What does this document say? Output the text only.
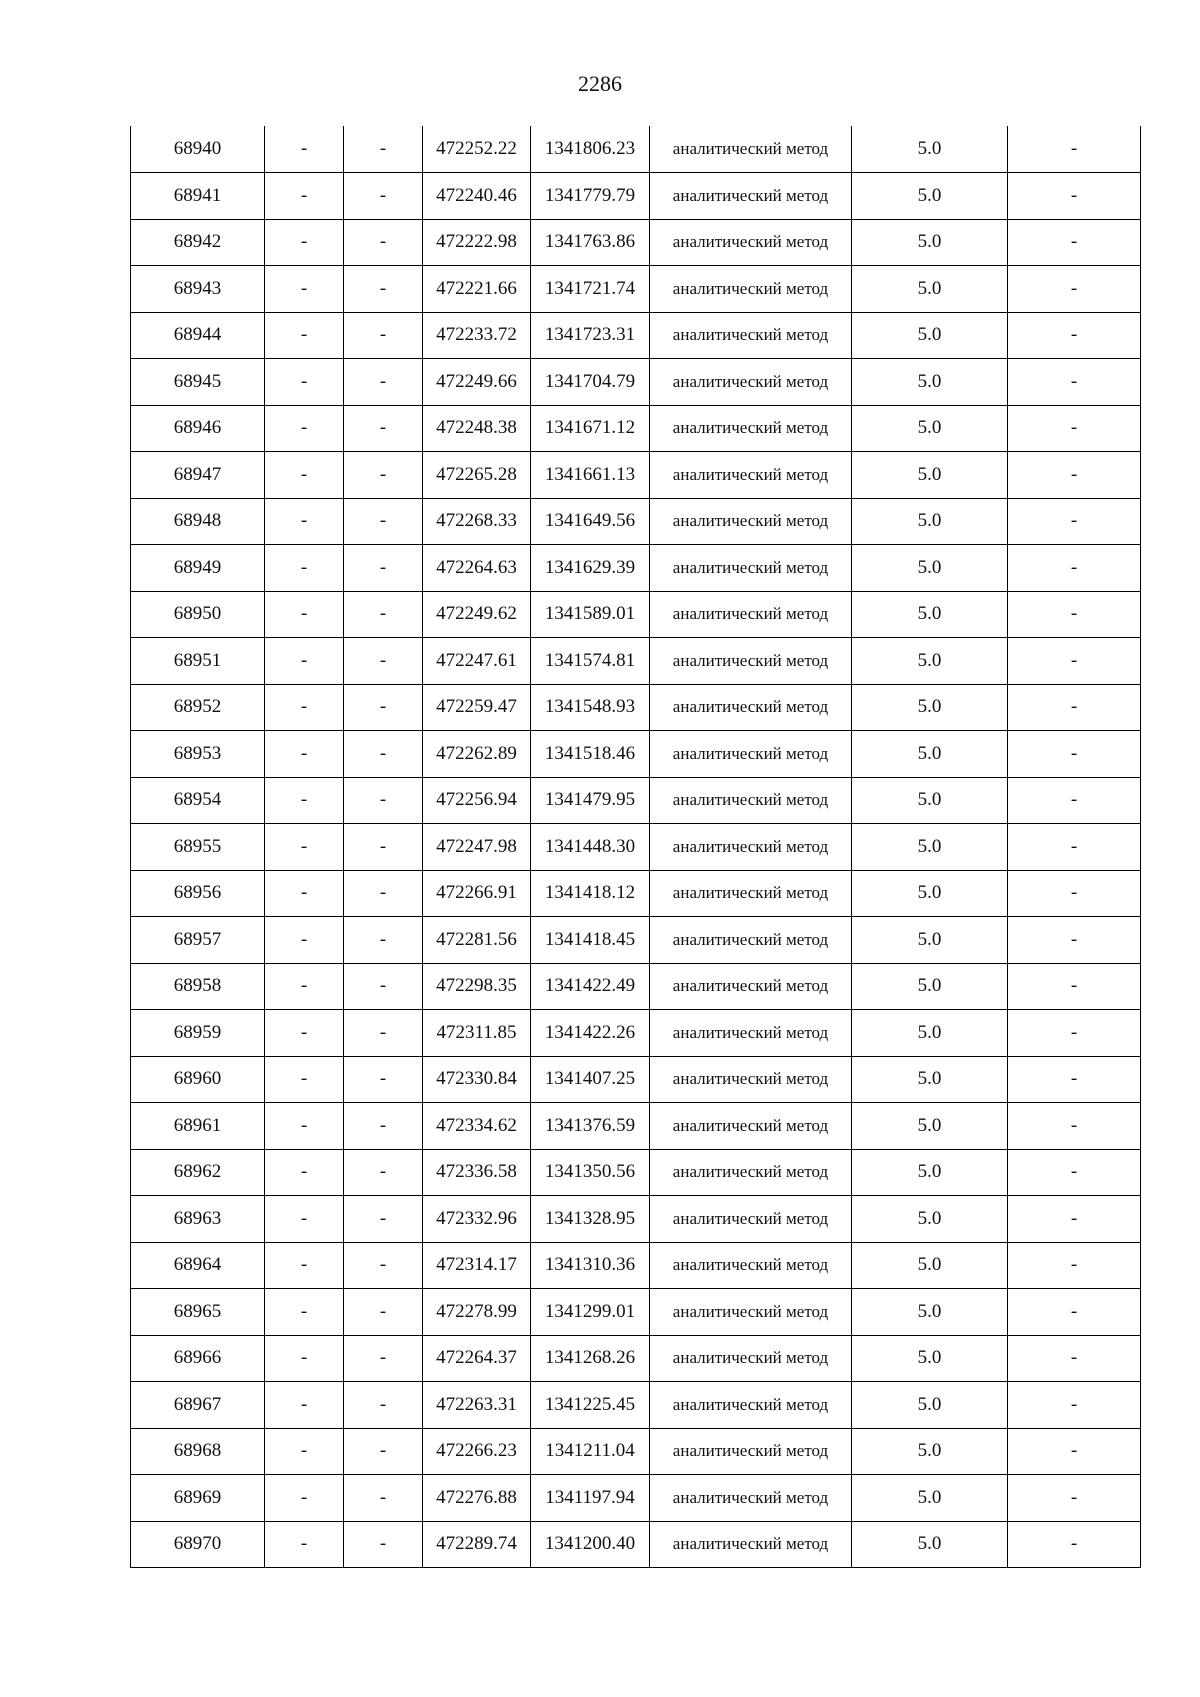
2286
68940	-	-	472252.22	1341806.23	аналитический метод	5.0	-
68941	-	-	472240.46	1341779.79	аналитический метод	5.0	-
68942	-	-	472222.98	1341763.86	аналитический метод	5.0	-
68943	-	-	472221.66	1341721.74	аналитический метод	5.0	-
68944	-	-	472233.72	1341723.31	аналитический метод	5.0	-
68945	-	-	472249.66	1341704.79	аналитический метод	5.0	-
68946	-	-	472248.38	1341671.12	аналитический метод	5.0	-
68947	-	-	472265.28	1341661.13	аналитический метод	5.0	-
68948	-	-	472268.33	1341649.56	аналитический метод	5.0	-
68949	-	-	472264.63	1341629.39	аналитический метод	5.0	-
68950	-	-	472249.62	1341589.01	аналитический метод	5.0	-
68951	-	-	472247.61	1341574.81	аналитический метод	5.0	-
68952	-	-	472259.47	1341548.93	аналитический метод	5.0	-
68953	-	-	472262.89	1341518.46	аналитический метод	5.0	-
68954	-	-	472256.94	1341479.95	аналитический метод	5.0	-
68955	-	-	472247.98	1341448.30	аналитический метод	5.0	-
68956	-	-	472266.91	1341418.12	аналитический метод	5.0	-
68957	-	-	472281.56	1341418.45	аналитический метод	5.0	-
68958	-	-	472298.35	1341422.49	аналитический метод	5.0	-
68959	-	-	472311.85	1341422.26	аналитический метод	5.0	-
68960	-	-	472330.84	1341407.25	аналитический метод	5.0	-
68961	-	-	472334.62	1341376.59	аналитический метод	5.0	-
68962	-	-	472336.58	1341350.56	аналитический метод	5.0	-
68963	-	-	472332.96	1341328.95	аналитический метод	5.0	-
68964	-	-	472314.17	1341310.36	аналитический метод	5.0	-
68965	-	-	472278.99	1341299.01	аналитический метод	5.0	-
68966	-	-	472264.37	1341268.26	аналитический метод	5.0	-
68967	-	-	472263.31	1341225.45	аналитический метод	5.0	-
68968	-	-	472266.23	1341211.04	аналитический метод	5.0	-
68969	-	-	472276.88	1341197.94	аналитический метод	5.0	-
68970	-	-	472289.74	1341200.40	аналитический метод	5.0	-
